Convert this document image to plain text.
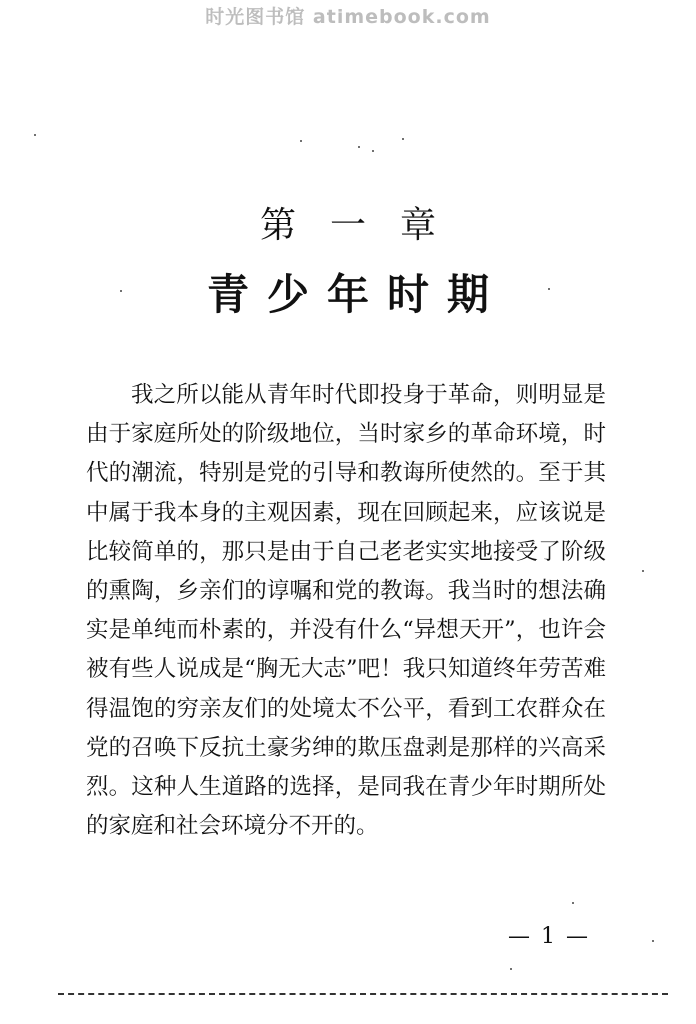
时光图书馆 atimebook.com
第一章
青少年时期

我之所以能从青年时代即投身于革命，则明显是由于家庭所处的阶级地位，当时家乡的革命环境，时代的潮流，特别是党的引导和教诲所使然的。至于其中属于我本身的主观因素，现在回顾起来，应该说是比较简单的，那只是由于自己老老实实地接受了阶级的熏陶，乡亲们的谆嘱和党的教诲。我当时的想法确实是单纯而朴素的，并没有什么“异想天开”，也许会被有些人说成是“胸无大志”吧！我只知道终年劳苦难得温饱的穷亲友们的处境太不公平，看到工农群众在党的召唤下反抗土豪劣绅的欺压盘剥是那样的兴高采烈。这种人生道路的选择，是同我在青少年时期所处的家庭和社会环境分不开的。

— 1 —
